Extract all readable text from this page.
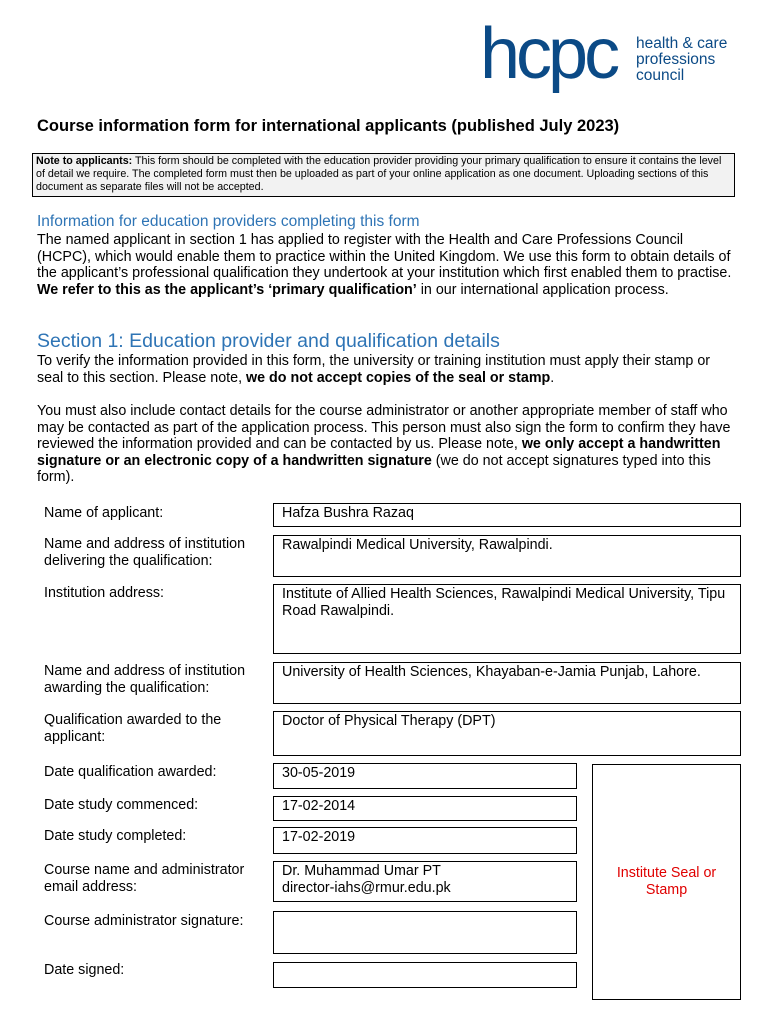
hcpc health & care
professions
council
Course information form for international applicants (published July 2023)
Note to applicants: This form should be completed with the education provider providing your primary qualification to ensure it contains the level of detail we require. The completed form must then be uploaded as part of your online application as one document. Uploading sections of this document as separate files will not be accepted.
Information for education providers completing this form
The named applicant in section 1 has applied to register with the Health and Care Professions Council (HCPC), which would enable them to practice within the United Kingdom. We use this form to obtain details of the applicant’s professional qualification they undertook at your institution which first enabled them to practise. We refer to this as the applicant’s ‘primary qualification’ in our international application process.
Section 1: Education provider and qualification details
To verify the information provided in this form, the university or training institution must apply their stamp or seal to this section. Please note, we do not accept copies of the seal or stamp.
You must also include contact details for the course administrator or another appropriate member of staff who may be contacted as part of the application process. This person must also sign the form to confirm they have reviewed the information provided and can be contacted by us. Please note, we only accept a handwritten signature or an electronic copy of a handwritten signature (we do not accept signatures typed into this form).
Name of applicant:	Hafza Bushra Razaq
Name and address of institution delivering the qualification:
Rawalpindi Medical University, Rawalpindi.
Institution address:	Institute of Allied Health Sciences, Rawalpindi Medical University, Tipu Road Rawalpindi.
Name and address of institution awarding the qualification:
University of Health Sciences, Khayaban-e-Jamia Punjab, Lahore.
Qualification awarded to the applicant:
Doctor of Physical Therapy (DPT)
Date qualification awarded:	30-05-2019
Date study commenced:	17-02-2014
Date study completed:	17-02-2019
Course name and administrator email address:
Dr. Muhammad Umar PT
director-iahs@rmur.edu.pk
Course administrator signature:
Date signed:
Institute Seal or Stamp
